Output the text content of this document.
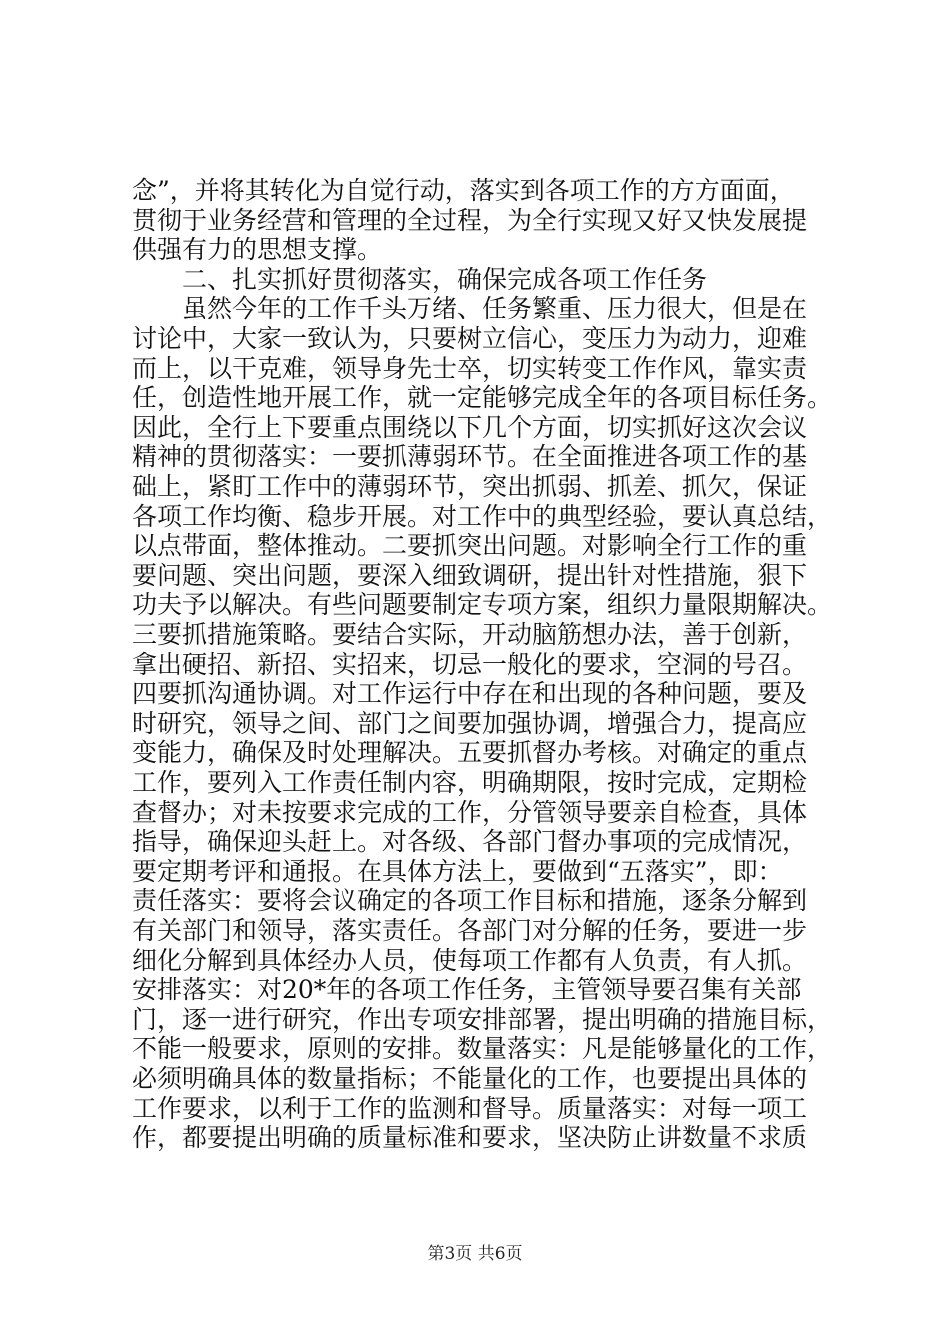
念”，并将其转化为自觉行动，落实到各项工作的方方面面，

贯彻于业务经营和管理的全过程，为全行实现又好又快发展提

供强有力的思想支撑。

二、扎实抓好贯彻落实，确保完成各项工作任务

虽然今年的工作千头万绪、任务繁重、压力很大，但是在

讨论中，大家一致认为，只要树立信心，变压力为动力，迎难

而上，以干克难，领导身先士卒，切实转变工作作风，靠实责

任，创造性地开展工作，就一定能够完成全年的各项目标任务。

因此，全行上下要重点围绕以下几个方面，切实抓好这次会议

精神的贯彻落实：一要抓薄弱环节。在全面推进各项工作的基

础上，紧盯工作中的薄弱环节，突出抓弱、抓差、抓欠，保证

各项工作均衡、稳步开展。对工作中的典型经验，要认真总结，

以点带面，整体推动。二要抓突出问题。对影响全行工作的重

要问题、突出问题，要深入细致调研，提出针对性措施，狠下

功夫予以解决。有些问题要制定专项方案，组织力量限期解决。

三要抓措施策略。要结合实际，开动脑筋想办法，善于创新，

拿出硬招、新招、实招来，切忌一般化的要求，空洞的号召。

四要抓沟通协调。对工作运行中存在和出现的各种问题，要及

时研究，领导之间、部门之间要加强协调，增强合力，提高应

变能力，确保及时处理解决。五要抓督办考核。对确定的重点

工作，要列入工作责任制内容，明确期限，按时完成，定期检

查督办；对未按要求完成的工作，分管领导要亲自检查，具体

指导，确保迎头赶上。对各级、各部门督办事项的完成情况，

要定期考评和通报。在具体方法上，要做到“五落实”，即：

责任落实：要将会议确定的各项工作目标和措施，逐条分解到

有关部门和领导，落实责任。各部门对分解的任务，要进一步

细化分解到具体经办人员，使每项工作都有人负责，有人抓。

安排落实：对20*年的各项工作任务，主管领导要召集有关部

门，逐一进行研究，作出专项安排部署，提出明确的措施目标，

不能一般要求，原则的安排。数量落实：凡是能够量化的工作，

必须明确具体的数量指标；不能量化的工作，也要提出具体的

工作要求，以利于工作的监测和督导。质量落实：对每一项工

作，都要提出明确的质量标准和要求，坚决防止讲数量不求质

第3页 共6页
